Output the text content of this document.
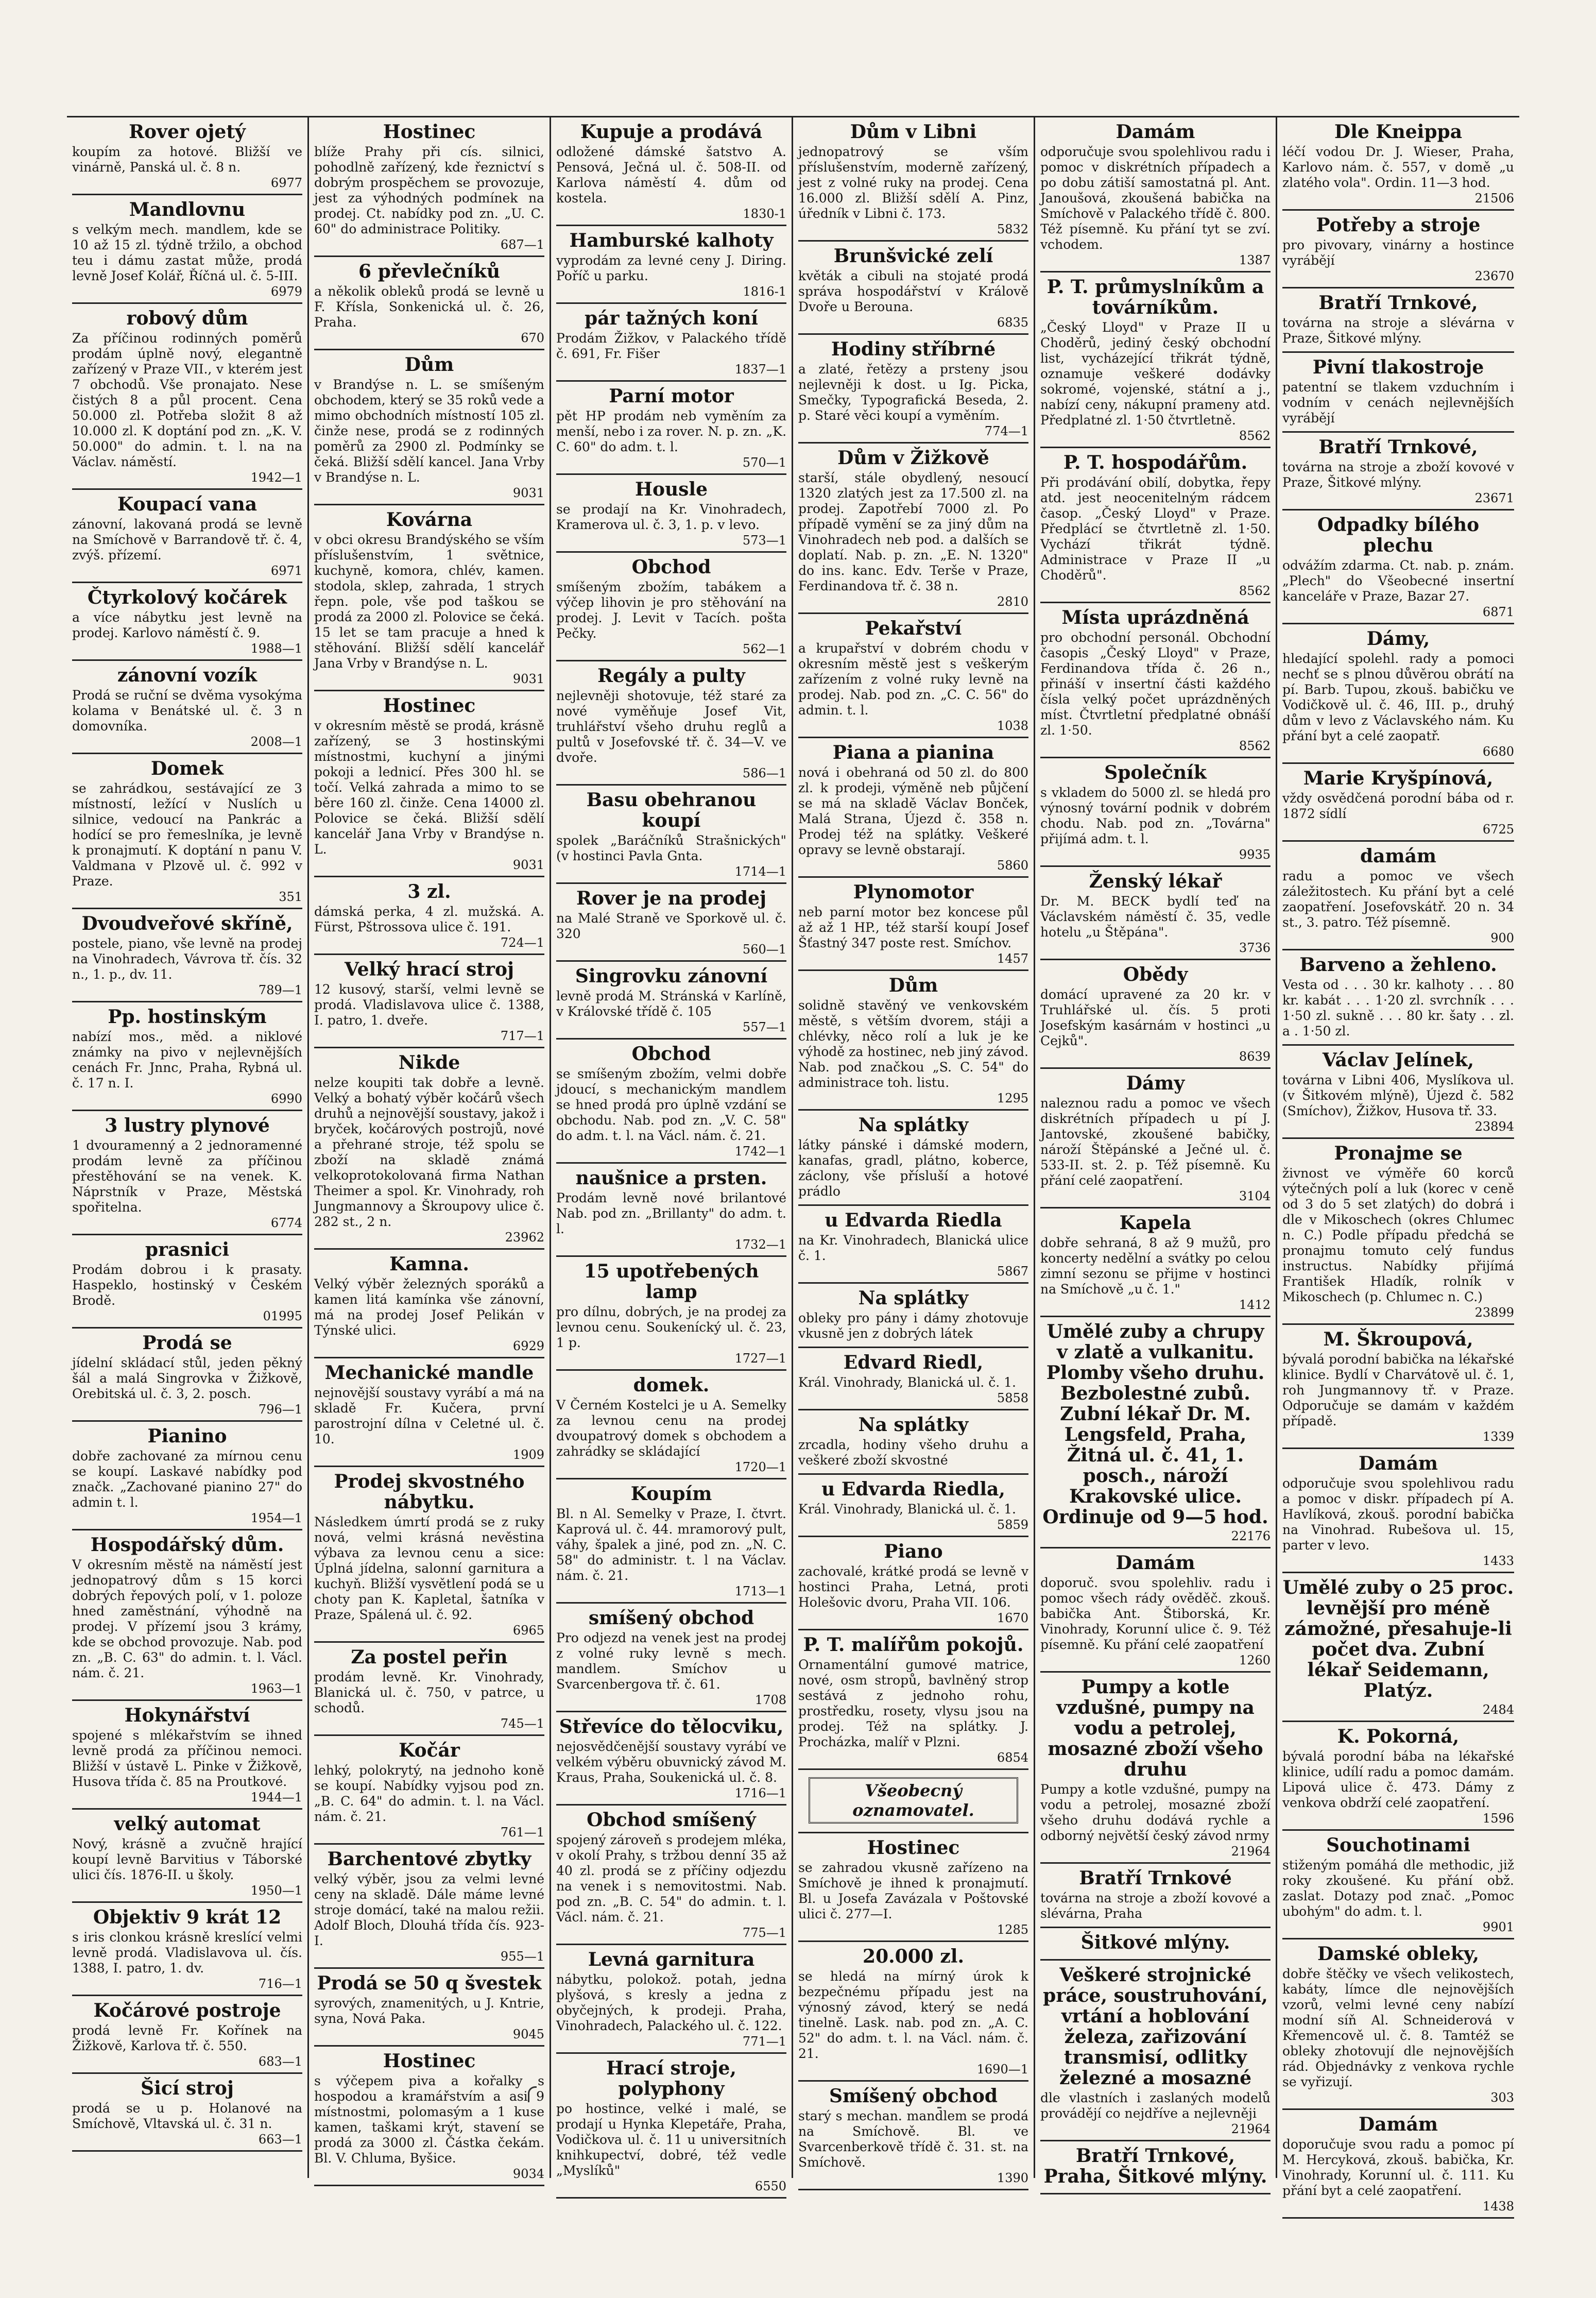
Rover ojetý

koupím za hotové. Bližší ve vinárně, Panská ul. č. 8 n.

6977
Mandlovnu

s velkým mech. mandlem, kde se 10 až 15 zl. týdně tržilo, a obchod teu i dámu zastat může, prodá levně Josef Kolář, Říčná ul. č. 5-III.

6979
robový dům

Za příčinou rodinných poměrů prodám úplně nový, elegantně zařízený v Praze VII., v kterém jest 7 obchodů. Vše pronajato. Nese čistých 8 a půl procent. Cena 50.000 zl. Potřeba složit 8 až 10.000 zl. K doptání pod zn. „K. V. 50.000" do admin. t. l. na na Václav. náměstí.

1942—1
Koupací vana

zánovní, lakovaná prodá se levně na Smíchově v Barrandově tř. č. 4, zvýš. přízemí.

6971
Čtyrkolový kočárek

a více nábytku jest levně na prodej. Karlovo náměstí č. 9.

1988—1
zánovní vozík

Prodá se ruční se dvěma vysokýma kolama v Benátské ul. č. 3 n domovníka.

2008—1
Domek

se zahrádkou, sestávající ze 3 místností, ležící v Nuslích u silnice, vedoucí na Pankrác a hodící se pro řemeslníka, je levně k pronajmutí. K doptání n panu V. Valdmana v Plzově ul. č. 992 v Praze.

351
Dvoudveřové skříně,

postele, piano, vše levně na prodej na Vinohradech, Vávrova tř. čís. 32 n., 1. p., dv. 11.

789—1
Pp. hostinským

nabízí mos., měd. a niklové známky na pivo v nejlevnějších cenách Fr. Jnnc, Praha, Rybná ul. č. 17 n. I.

6990
3 lustry plynové

1 dvouramenný a 2 jednoramenné prodám levně za příčinou přestěhování se na venek. K. Náprstník v Praze, Městská spořitelna.

6774
prasnici

Prodám dobrou i k prasaty. Haspeklo, hostinský v Českém Brodě.

01995
Prodá se

jídelní skládací stůl, jeden pěkný šál a malá Singrovka v Žižkově, Orebitská ul. č. 3, 2. posch.

796—1
Pianino

dobře zachované za mírnou cenu se koupí. Laskavé nabídky pod značk. „Zachované pianino 27" do admin t. l.

1954—1
Hospodářský dům.

V okresním městě na náměstí jest jednopatrový dům s 15 korci dobrých řepových polí, v 1. poloze hned zaměstnání, výhodně na prodej. V přízemí jsou 3 krámy, kde se obchod provozuje. Nab. pod zn. „B. C. 63" do admin. t. l. Václ. nám. č. 21.

1963—1
Hokynářství

spojené s mlékařstvím se ihned levně prodá za příčinou nemoci. Bližší v ústavě L. Pinke v Žižkově, Husova třída č. 85 na Proutkové.

1944—1
velký automat

Nový, krásně a zvučně hrající koupí levně Barvitius v Táborské ulici čís. 1876-II. u školy.

1950—1
Objektiv 9 krát 12

s iris clonkou krásně kreslící velmi levně prodá. Vladislavova ul. čís. 1388, I. patro, 1. dv.

716—1
Kočárové postroje

prodá levně Fr. Kořínek na Žižkově, Karlova tř. č. 550.

683—1
Šicí stroj

prodá se u p. Holanové na Smíchově, Vltavská ul. č. 31 n.

663—1
Hostinec

blíže Prahy při cís. silnici, pohodlně zařízený, kde řeznictví s dobrým prospěchem se provozuje, jest za výhodných podmínek na prodej. Ct. nabídky pod zn. „U. C. 60" do administrace Politiky.

687—1
6 převlečníků

a několik obleků prodá se levně u F. Křísla, Sonkenická ul. č. 26, Praha.

670
Dům

v Brandýse n. L. se smíšeným obchodem, který se 35 roků vede a mimo obchodních místností 105 zl. činže nese, prodá se z rodinných poměrů za 2900 zl. Podmínky se čeká. Bližší sdělí kancel. Jana Vrby v Brandýse n. L.

9031
Kovárna

v obci okresu Brandýského se vším příslušenstvím, 1 světnice, kuchyně, komora, chlév, kamen. stodola, sklep, zahrada, 1 strych řepn. pole, vše pod taškou se prodá za 2000 zl. Polovice se čeká. 15 let se tam pracuje a hned k stěhování. Bližší sdělí kancelář Jana Vrby v Brandýse n. L.

9031
Hostinec

v okresním městě se prodá, krásně zařízený, se 3 hostinskými místnostmi, kuchyní a jinými pokoji a lednicí. Přes 300 hl. se točí. Velká zahrada a mimo to se běre 160 zl. činže. Cena 14000 zl. Polovice se čeká. Bližší sdělí kancelář Jana Vrby v Brandýse n. L.

9031
3 zl.

dámská perka, 4 zl. mužská. A. Fürst, Pštrossova ulice č. 191.

724—1
Velký hrací stroj

12 kusový, starší, velmi levně se prodá. Vladislavova ulice č. 1388, I. patro, 1. dveře.

717—1
Nikde

nelze koupiti tak dobře a levně. Velký a bohatý výběr kočárů všech druhů a nejnovější soustavy, jakož i bryček, kočárových postrojů, nové a přehrané stroje, též spolu se zboží na skladě známá velkoprotokolovaná firma Nathan Theimer a spol. Kr. Vinohrady, roh Jungmannovy a Škroupovy ulice č. 282 st., 2 n.

23962
Kamna.

Velký výběr železných sporáků a kamen litá kamínka vše zánovní, má na prodej Josef Pelikán v Týnské ulici.

6929
Mechanické mandle

nejnovější soustavy vyrábí a má na skladě Fr. Kučera, první parostrojní dílna v Celetné ul. č. 10.

1909
Prodej skvostného nábytku.

Následkem úmrtí prodá se z ruky nová, velmi krásná nevěstina výbava za levnou cenu a sice: Úplná jídelna, salonní garnitura a kuchyň. Bližší vysvětlení podá se u choty pan K. Kapletal, šatníka v Praze, Spálená ul. č. 92.

6965
Za postel peřin

prodám levně. Kr. Vinohrady, Blanická ul. č. 750, v patrce, u schodů.

745—1
Kočár

lehký, polokrytý, na jednoho koně se koupí. Nabídky vyjsou pod zn. „B. C. 64" do admin. t. l. na Václ. nám. č. 21.

761—1
Barchentové zbytky

velký výběr, jsou za velmi levné ceny na skladě. Dále máme levné stroje domácí, také na malou režii. Adolf Bloch, Dlouhá třída čís. 923-I.

955—1
Prodá se 50 q švestek

syrových, znamenitých, u J. Kntrie, syna, Nová Paka.

9045
Hostinec

s výčepem piva a kořalky s hospodou a kramářstvím a asi 9 místnostmi, polomasým a 1 kuse kamen, taškami krýt, stavení se prodá za 3000 zl. Částka čekám. Bl. V. Chluma, Byšice.

9034
Kupuje a prodává

odložené dámské šatstvo A. Pensová, Ječná ul. č. 508-II. od Karlova náměstí 4. dům od kostela.

1830-1
Hamburské kalhoty

vyprodám za levné ceny J. Diring. Poříč u parku.

1816-1
pár tažných koní

Prodám Žižkov, v Palackého třídě č. 691, Fr. Fišer

1837—1
Parní motor

pět HP prodám neb vyměním za menší, nebo i za rover. N. p. zn. „K. C. 60" do adm. t. l.

570—1
Housle

se prodají na Kr. Vinohradech, Kramerova ul. č. 3, 1. p. v levo.

573—1
Obchod

smíšeným zbožím, tabákem a výčep lihovin je pro stěhování na prodej. J. Levit v Tacích. pošta Pečky.

562—1
Regály a pulty

nejlevněji shotovuje, též staré za nové vyměňuje Josef Vit, truhlářství všeho druhu reglů a pultů v Josefovské tř. č. 34—V. ve dvoře.

586—1
Basu obehranou koupí

spolek „Baráčníků Strašnických" (v hostinci Pavla Gnta.

1714—1
Rover je na prodej

na Malé Straně ve Sporkově ul. č. 320

560—1
Singrovku zánovní

levně prodá M. Stránská v Karlíně, v Královské třídě č. 105

557—1
Obchod

se smíšeným zbožím, velmi dobře jdoucí, s mechanickým mandlem se hned prodá pro úplně vzdání se obchodu. Nab. pod zn. „V. C. 58" do adm. t. l. na Václ. nám. č. 21.

1742—1
naušnice a prsten.

Prodám levně nové brilantové Nab. pod zn. „Brillanty" do adm. t. l.

1732—1
15 upotřebených lamp

pro dílnu, dobrých, je na prodej za levnou cenu. Soukenícký ul. č. 23, 1 p.

1727—1
domek.

V Černém Kostelci je u A. Semelky za levnou cenu na prodej dvoupatrový domek s obchodem a zahrádky se skládající

1720—1
Koupím

Bl. n Al. Semelky v Praze, I. čtvrt. Kaprová ul. č. 44. mramorový pult, váhy, špalek a jiné, pod zn. „N. C. 58" do administr. t. l na Václav. nám. č. 21.

1713—1
smíšený obchod

Pro odjezd na venek jest na prodej z volné ruky levně s mech. mandlem. Smíchov u Svarcenbergova tř. č. 61.

1708
Střevíce do tělocviku,

nejosvědčenější soustavy vyrábí ve velkém výběru obuvnický závod M. Kraus, Praha, Soukenická ul. č. 8.

1716—1
Obchod smíšený

spojený zároveň s prodejem mléka, v okolí Prahy, s tržbou denní 35 až 40 zl. prodá se z příčiny odjezdu na venek i s nemovitostmi. Nab. pod zn. „B. C. 54" do admin. t. l. Václ. nám. č. 21.

775—1
Levná garnitura

nábytku, polokož. potah, jedna plyšová, s kresly a jedna z obyčejných, k prodeji. Praha, Vinohradech, Palackého ul. č. 122.

771—1
Hrací stroje, polyphony

po hostince, velké i malé, se prodají u Hynka Klepetáře, Praha, Vodičkova ul. č. 11 u universitních knihkupectví, dobré, též vedle „Myslíků"

6550
Dům v Libni

jednopatrový se vším příslušenstvím, moderně zařízený, jest z volné ruky na prodej. Cena 16.000 zl. Bližší sdělí A. Pinz, úředník v Libni č. 173.

5832
Brunšvické zelí

květák a cibuli na stojaté prodá správa hospodářství v Králově Dvoře u Berouna.

6835
Hodiny stříbrné

a zlaté, řetězy a prsteny jsou nejlevněji k dost. u Ig. Picka, Smečky, Typografická Beseda, 2. p. Staré věci koupí a vyměním.

774—1
Dům v Žižkově

starší, stále obydlený, nesoucí 1320 zlatých jest za 17.500 zl. na prodej. Zapotřebí 7000 zl. Po případě vymění se za jiný dům na Vinohradech neb pod. a dalších se doplatí. Nab. p. zn. „E. N. 1320" do ins. kanc. Edv. Terše v Praze, Ferdinandova tř. č. 38 n.

2810
Pekařství

a krupařství v dobrém chodu v okresním městě jest s veškerým zařízením z volné ruky levně na prodej. Nab. pod zn. „C. C. 56" do admin. t. l.

1038
Piana a pianina

nová i obehraná od 50 zl. do 800 zl. k prodeji, výměně neb půjčení se má na skladě Václav Bonček, Malá Strana, Újezd č. 358 n. Prodej též na splátky. Veškeré opravy se levně obstarají.

5860
Plynomotor

neb parní motor bez koncese půl až až 1 HP., též starší koupí Josef Šťastný 347 poste rest. Smíchov.

1457
Dům

solidně stavěný ve venkovském městě, s větším dvorem, stáji a chlévky, něco rolí a luk je ke výhodě za hostinec, neb jiný závod. Nab. pod značkou „S. C. 54" do administrace toh. listu.

1295
Na splátky

látky pánské i dámské modern, kanafas, gradl, plátno, koberce, záclony, vše přísluší a hotové prádlo

u Edvarda Riedla

na Kr. Vinohradech, Blanická ulice č. 1.

5867
Na splátky

obleky pro pány i dámy zhotovuje vkusně jen z dobrých látek

Edvard Riedl,

Král. Vinohrady, Blanická ul. č. 1.

5858
Na splátky

zrcadla, hodiny všeho druhu a veškeré zboží skvostné

u Edvarda Riedla,

Král. Vinohrady, Blanická ul. č. 1.

5859
Piano

zachovalé, krátké prodá se levně v hostinci Praha, Letná, proti Holešovic dvoru, Praha VII. 106.

1670
P. T. malířům pokojů.

Ornamentální gumové matrice, nové, osm stropů, bavlněný strop sestává z jednoho rohu, prostředku, rosety, vlysu jsou na prodej. Též na splátky. J. Procházka, malíř v Plzni.

6854
Všeobecný oznamovatel.

Hostinec

se zahradou vkusně zařízeno na Smíchově je ihned k pronajmutí. Bl. u Josefa Zavázala v Poštovské ulici č. 277—I.

1285
20.000 zl.

se hledá na mírný úrok k bezpečnému případu jest na výnosný závod, který se nedá tinelně. Lask. nab. pod zn. „A. C. 52" do adm. t. l. na Václ. nám. č. 21.

1690—1
Smíšený obchod

starý s mechan. mandlem se prodá na Smíchově. Bl. ve Svarcenberkově třídě č. 31. st. na Smíchově.

1390
Damám

odporučuje svou spolehlivou radu i pomoc v diskrétních případech a po dobu zátiší samostatná pl. Ant. Janoušová, zkoušená babička na Smíchově v Palackého třídě č. 800. Též písemně. Ku přání tyt se zví. vchodem.

1387
P. T. průmyslníkům a továrníkům.

„Český Lloyd" v Praze II u Choděrů, jediný český obchodní list, vycházející třikrát týdně, oznamuje veškeré dodávky sokromé, vojenské, státní a j., nabízí ceny, nákupní prameny atd. Předplatné zl. 1·50 čtvrtletně.

8562
P. T. hospodářům.

Při prodávání obilí, dobytka, řepy atd. jest neocenitelným rádcem časop. „Český Lloyd" v Praze. Předplácí se čtvrtletně zl. 1·50. Vychází třikrát týdně. Administrace v Praze II „u Choděrů".

8562
Místa uprázdněná

pro obchodní personál. Obchodní časopis „Český Lloyd" v Praze, Ferdinandova třída č. 26 n., přináší v insertní části každého čísla velký počet uprázdněných míst. Čtvrtletní předplatné obnáší zl. 1·50.

8562
Společník

s vkladem do 5000 zl. se hledá pro výnosný tovární podnik v dobrém chodu. Nab. pod zn. „Továrna" přijímá adm. t. l.

9935
Ženský lékař

Dr. M. BECK bydlí teď na Václavském náměstí č. 35, vedle hotelu „u Štěpána".

3736
Obědy

domácí upravené za 20 kr. v Truhlářské ul. čís. 5 proti Josefským kasárnám v hostinci „u Cejků".

8639
Dámy

naleznou radu a pomoc ve všech diskrétních případech u pí J. Jantovské, zkoušené babičky, nároží Štěpánské a Ječné ul. č. 533-II. st. 2. p. Též písemně. Ku přání celé zaopatření.

3104
Kapela

dobře sehraná, 8 až 9 mužů, pro koncerty nedělní a svátky po celou zimní sezonu se přijme v hostinci na Smíchově „u č. 1."

1412
Umělé zuby a chrupy v zlatě a vulkanitu. Plomby všeho druhu. Bezbolestné zubů. Zubní lékař Dr. M. Lengsfeld, Praha, Žitná ul. č. 41, 1. posch., nároží Krakovské ulice. Ordinuje od 9—5 hod.

22176
Damám

doporuč. svou spolehliv. radu i pomoc všech rády ověděč. zkouš. babička Ant. Štiborská, Kr. Vinohrady, Korunní ulice č. 9. Též písemně. Ku přání celé zaopatření

1260
Pumpy a kotle vzdušné, pumpy na vodu a petrolej, mosazné zboží všeho druhu

Pumpy a kotle vzdušné, pumpy na vodu a petrolej, mosazné zboží všeho druhu dodává rychle a odborný největší český závod nrmy

21964
Bratří Trnkové

továrna na stroje a zboží kovové a slévárna, Praha

Šitkové mlýny.

Veškeré strojnické práce, soustruhování, vrtání a hoblování železa, zařizování transmisí, odlitky železné a mosazné

dle vlastních i zaslaných modelů provádějí co nejdříve a nejlevněji

21964
Bratří Trnkové, Praha, Šitkové mlýny.

Dle Kneippa

léčí vodou Dr. J. Wieser, Praha, Karlovo nám. č. 557, v domě „u zlatého vola". Ordin. 11—3 hod.

21506
Potřeby a stroje

pro pivovary, vinárny a hostince vyrábějí

23670
Bratří Trnkové,

továrna na stroje a slévárna v Praze, Šitkové mlýny.

Pivní tlakostroje

patentní se tlakem vzduchním i vodním v cenách nejlevnějších vyrábějí

Bratří Trnkové,

továrna na stroje a zboží kovové v Praze, Šitkové mlýny.

23671
Odpadky bílého plechu

odvážím zdarma. Ct. nab. p. znám. „Plech" do Všeobecné insertní kanceláře v Praze, Bazar 27.

6871
Dámy,

hledající spolehl. rady a pomoci nechť se s plnou důvěrou obrátí na pí. Barb. Tupou, zkouš. babičku ve Vodičkově ul. č. 46, III. p., druhý dům v levo z Václavského nám. Ku přání byt a celé zaopatř.

6680
Marie Kryšpínová,

vždy osvědčená porodní bába od r. 1872 sídlí

6725
damám

radu a pomoc ve všech záležitostech. Ku přání byt a celé zaopatření. Josefovskátř. 20 n. 34 st., 3. patro. Též písemně.

900
Barveno a žehleno.

Vesta od . . . 30 kr. kalhoty . . . 80 kr. kabát . . . 1·20 zl. svrchník . . . 1·50 zl. sukně . . . 80 kr. šaty . . zl. a . 1·50 zl.

Václav Jelínek,

továrna v Libni 406, Myslíkova ul. (v Šitkovém mlýně), Újezd č. 582 (Smíchov), Žižkov, Husova tř. 33.

23894
Pronajme se

živnost ve výměře 60 korců výtečných polí a luk (korec v ceně od 3 do 5 set zlatých) do dobrá i dle v Mikoschech (okres Chlumec n. C.) Podle případu předchá se pronajmu tomuto celý fundus instructus. Nabídky přijímá František Hladík, rolník v Mikoschech (p. Chlumec n. C.)

23899
M. Škroupová,

bývalá porodní babička na lékařské klinice. Bydlí v Charvátově ul. č. 1, roh Jungmannovy tř. v Praze. Odporučuje se damám v každém případě.

1339
Damám

odporučuje svou spolehlivou radu a pomoc v diskr. případech pí A. Havlíková, zkouš. porodní babička na Vinohrad. Rubešova ul. 15, parter v levo.

1433
Umělé zuby o 25 proc. levnější pro méně zámožné, přesahuje-li počet dva. Zubní lékař Seidemann, Platýz.

2484
K. Pokorná,

bývalá porodní bába na lékařské klinice, udílí radu a pomoc damám. Lipová ulice č. 473. Dámy z venkova obdrží celé zaopatření.

1596
Souchotinami

stiženým pomáhá dle methodic, již roky zkoušené. Ku přání obž. zaslat. Dotazy pod znač. „Pomoc ubohým" do adm. t. l.

9901
Damské obleky,

dobře štěčky ve všech velikostech, kabáty, límce dle nejnovějších vzorů, velmi levné ceny nabízí modní síň Al. Schneiderová v Křemencově ul. č. 8. Tamtéž se obleky zhotovují dle nejnovějších rád. Objednávky z venkova rychle se vyřizují.

303
Damám

doporučuje svou radu a pomoc pí M. Hercyková, zkouš. babička, Kr. Vinohrady, Korunní ul. č. 111. Ku přání byt a celé zaopatření.

1438
